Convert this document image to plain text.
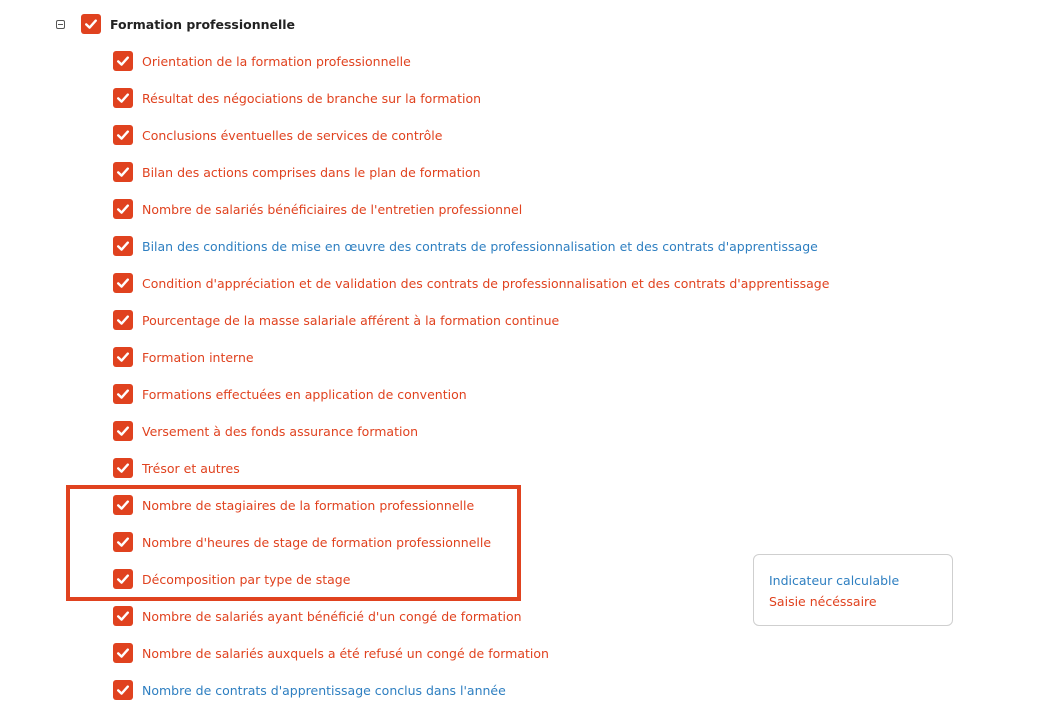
Formation professionnelle
Orientation de la formation professionnelle
Résultat des négociations de branche sur la formation
Conclusions éventuelles de services de contrôle
Bilan des actions comprises dans le plan de formation
Nombre de salariés bénéficiaires de l'entretien professionnel
Bilan des conditions de mise en œuvre des contrats de professionnalisation et des contrats d'apprentissage
Condition d'appréciation et de validation des contrats de professionnalisation et des contrats d'apprentissage
Pourcentage de la masse salariale afférent à la formation continue
Formation interne
Formations effectuées en application de convention
Versement à des fonds assurance formation
Trésor et autres
Nombre de stagiaires de la formation professionnelle
Nombre d'heures de stage de formation professionnelle
Décomposition par type de stage
Nombre de salariés ayant bénéficié d'un congé de formation
Nombre de salariés auxquels a été refusé un congé de formation
Nombre de contrats d'apprentissage conclus dans l'année
Indicateur calculable
Saisie nécéssaire
